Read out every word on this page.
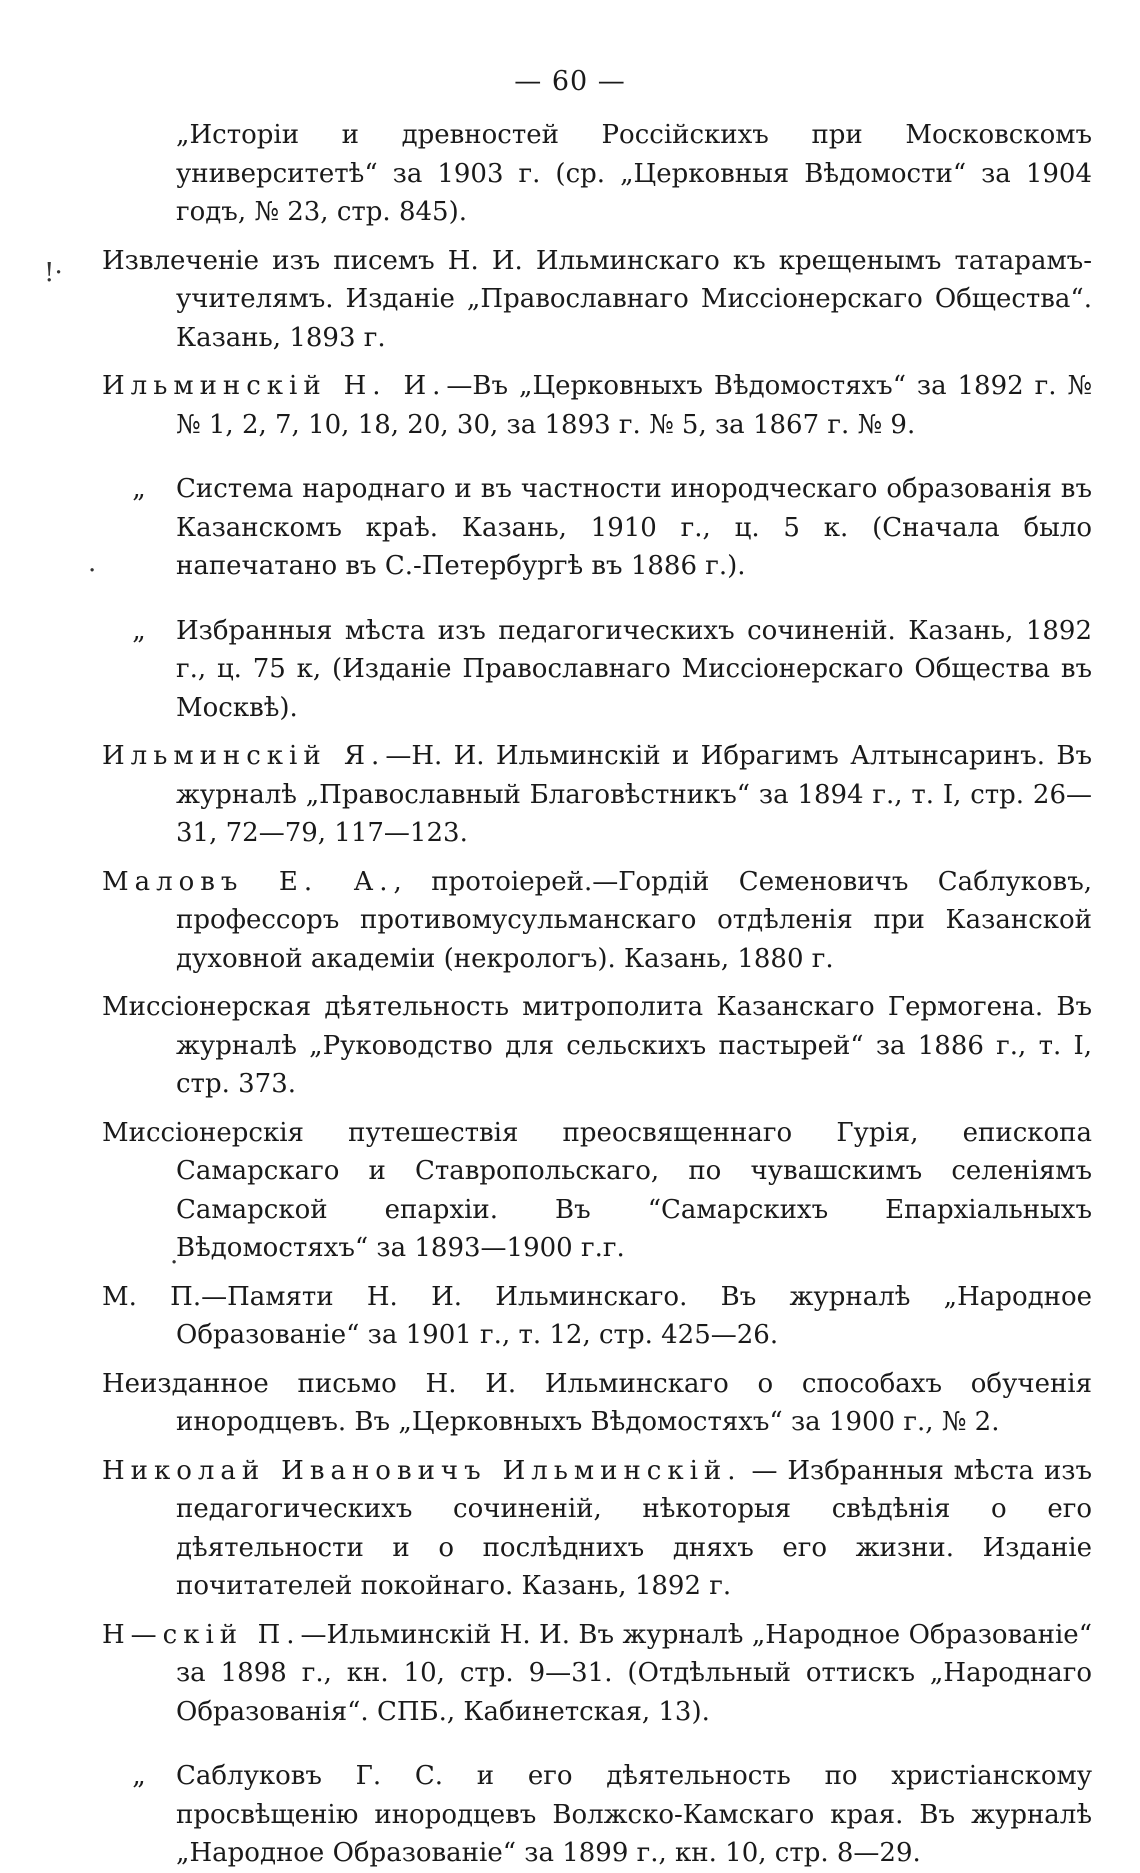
— 60 —
!·
·
·

„Исторіи и древностей Россійскихъ при Московскомъ университетѣ“ за 1903 г. (ср. „Церковныя Вѣдомости“ за 1904 годъ, № 23, стр. 845).

Извлеченіе изъ писемъ Н. И. Ильминскаго къ крещенымъ татарамъ-учителямъ. Изданіе „Православнаго Миссіонерскаго Общества“. Казань, 1893 г.

Ильминскій Н. И.—Въ „Церковныхъ Вѣдомостяхъ“ за 1892 г. №№ 1, 2, 7, 10, 18, 20, 30, за 1893 г. № 5, за 1867 г. № 9.

„ Система народнаго и въ частности инородческаго образованія въ Казанскомъ краѣ. Казань, 1910 г., ц. 5 к. (Сначала было напечатано въ С.-Петербургѣ въ 1886 г.).

„ Избранныя мѣста изъ педагогическихъ сочиненій. Казань, 1892 г., ц. 75 к, (Изданіе Православнаго Миссіонерскаго Общества въ Москвѣ).

Ильминскій Я.—Н. И. Ильминскій и Ибрагимъ Алтынсаринъ. Въ журналѣ „Православный Благовѣстникъ“ за 1894 г., т. I, стр. 26—31, 72—79, 117—123.

Маловъ Е. А., протоіерей.—Гордій Семеновичъ Саблуковъ, профессоръ противомусульманскаго отдѣленія при Казанской духовной академіи (некрологъ). Казань, 1880 г.

Миссіонерская дѣятельность митрополита Казанскаго Гермогена. Въ журналѣ „Руководство для сельскихъ пастырей“ за 1886 г., т. I, стр. 373.

Миссіонерскія путешествія преосвященнаго Гурія, епископа Самарскаго и Ставропольскаго, по чувашскимъ селеніямъ Самарской епархіи. Въ “Самарскихъ Епархіальныхъ Вѣдомостяхъ“ за 1893—1900 г.г.

М. П.—Памяти Н. И. Ильминскаго. Въ журналѣ „Народное Образованіе“ за 1901 г., т. 12, стр. 425—26.

Неизданное письмо Н. И. Ильминскаго о способахъ обученія инородцевъ. Въ „Церковныхъ Вѣдомостяхъ“ за 1900 г., № 2.

Николай Ивановичъ Ильминскій. — Избранныя мѣста изъ педагогическихъ сочиненій, нѣкоторыя свѣдѣнія о его дѣятельности и о послѣднихъ дняхъ его жизни. Изданіе почитателей покойнаго. Казань, 1892 г.

Н—скій П.—Ильминскій Н. И. Въ журналѣ „Народное Образованіе“ за 1898 г., кн. 10, стр. 9—31. (Отдѣльный оттискъ „Народнаго Образованія“. СПБ., Кабинетская, 13).

„ Саблуковъ Г. С. и его дѣятельность по христіанскому просвѣщенію инородцевъ Волжско-Камскаго края. Въ журналѣ „Народное Образованіе“ за 1899 г., кн. 10, стр. 8—29.
